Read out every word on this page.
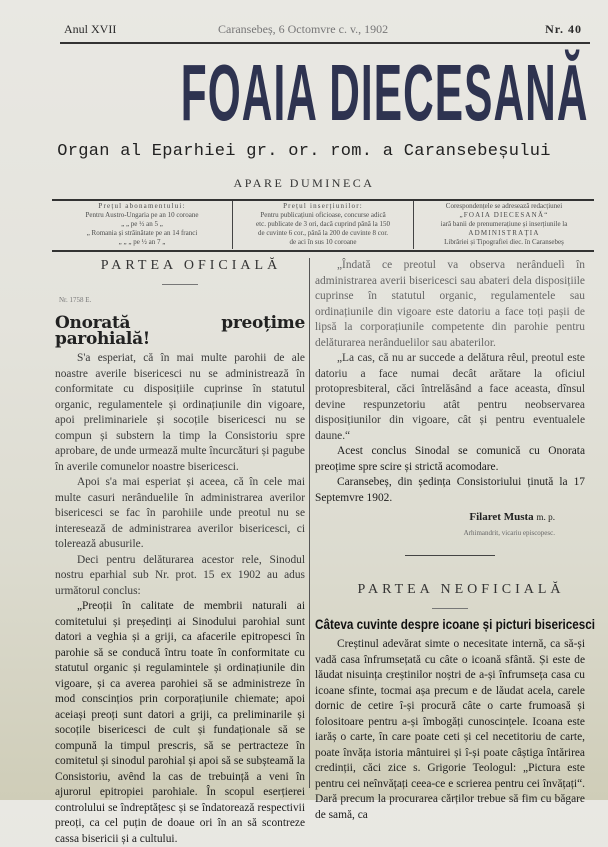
Anul XVII	Caransebeș, 6 Octomvre c. v., 1902	Nr. 40
FOAIA DIECESANĂ
Organ al Eparhiei gr. or. rom. a Caransebeșului
APARE DUMINECA
Prețul abonamentului:
Pentru Austro-Ungaria pe an 10 coroane
„ „ pe ½ an 5 „
„ Romania și străinătate pe an 14 franci
„ „ „ pe ½ an 7 „
Prețul inserțiunilor:
Pentru publicațiuni oficioase, concurse adică
etc. publicate de 3 ori, dacă cuprind până la 150
de cuvinte 6 cor., până la 200 de cuvinte 8 cor.
de aci în sus 10 coroane
Corespondențele se adresează redacțiunei
„FOAIA DIECESANĂ“
iară banii de prenumerațiune și inserțiunile la
ADMINISTRAȚIA
Librăriei și Tipografiei diec. în Caransebeș

PARTEA OFICIALĂ

Nr. 1758 E.
Onorată preoțime parohială!

S'a esperiat, că în mai multe parohii de ale noastre averile bisericesci nu se administrează în conformitate cu disposițiile cuprinse în statutul organic, regulamentele și ordinațiunile din vigoare, apoi preliminariele și socoțile bisericesci nu se compun și substern la timp la Consistoriu spre aprobare, de unde urmează multe încurcături și pagube în averile comunelor noastre bisericesci.

Apoi s'a mai esperiat și aceea, că în cele mai multe casuri nerânduelile în administrarea averilor bisericesci se fac în parohiile unde preotul nu se interesează de administrarea averilor bisericesci, ci tolerează abusurile.

Deci pentru delăturarea acestor rele, Sinodul nostru eparhial sub Nr. prot. 15 ex 1902 au adus următorul conclus:

„Preoții în calitate de membrii naturali ai comitetului și președinți ai Sinodului parohial sunt datori a veghia și a griji, ca afacerile epitropesci în parohie să se conducă întru toate în conformitate cu statutul organic și regulamintele și ordinațiunile din vigoare, și ca averea parohiei să se administreze în mod conscințios prin corporațiunile chiemate; apoi aceiași preoți sunt datori a griji, ca preliminarile și socoțile bisericesci de cult și fundaționale să se compună la timpul prescris, să se pertracteze în comitetul și sinodul parohial și apoi să se subșteamă la Consistoriu, avênd la cas de trebuință a veni în ajurorul epitropiei parohiale. În scopul eserțierei controlului se îndreptățesc și se îndatorează respectivii preoți, ca cel puțin de doaue ori în an să scontreze cassa bisericii și a cultului.

„Îndată ce preotul va observa nerânduelì în administrarea averii bisericesci sau abateri dela disposițiile cuprinse în statutul organic, regulamentele sau ordinațiunile din vigoare este datoriu a face toți pașii de lipsă la corporațiunile competente din parohie pentru delăturarea nerânduelilor sau abaterilor.

„La cas, că nu ar succede a delătura rêul, preotul este datoriu a face numai decât arătare la oficiul protopresbiteral, căci întrelăsând a face aceasta, dînsul devine respunzetoriu atât pentru neobservarea disposițiunilor din vigoare, cât și pentru eventualele daune.“

Acest conclus Sinodal se comunică cu Onorata preoțime spre scire și strictă acomodare.

Caransebeș, din ședința Consistoriului ținută la 17 Septemvre 1902.

Filaret Musta m. p.
Arhimandrit, vicariu episcopesc.

PARTEA NEOFICIALĂ

Câteva cuvinte despre icoane și picturi bisericesci

Creștinul adevărat simte o necesitate internă, ca să-și vadă casa înfrumsețată cu câte o icoană sfântă. Și este de lăudat nisuința creștinilor noștri de a-și înfrumseța casa cu icoane sfinte, tocmai așa precum e de lăudat acela, carele dornic de cetire î-și procură câte o carte frumoasă și folositoare pentru a-și îmbogăți cunoscințele. Icoana este iarăș o carte, în care poate ceti și cel necetitoriu de carte, poate învăța istoria mântuirei și î-și poate câștiga întărirea credinții, căci zice s. Grigorie Teologul: „Pictura este pentru cei neînvățați ceea-ce e scrierea pentru cei învățați“. Dară precum la procurarea cărților trebue să fim cu băgare de samă, ca
